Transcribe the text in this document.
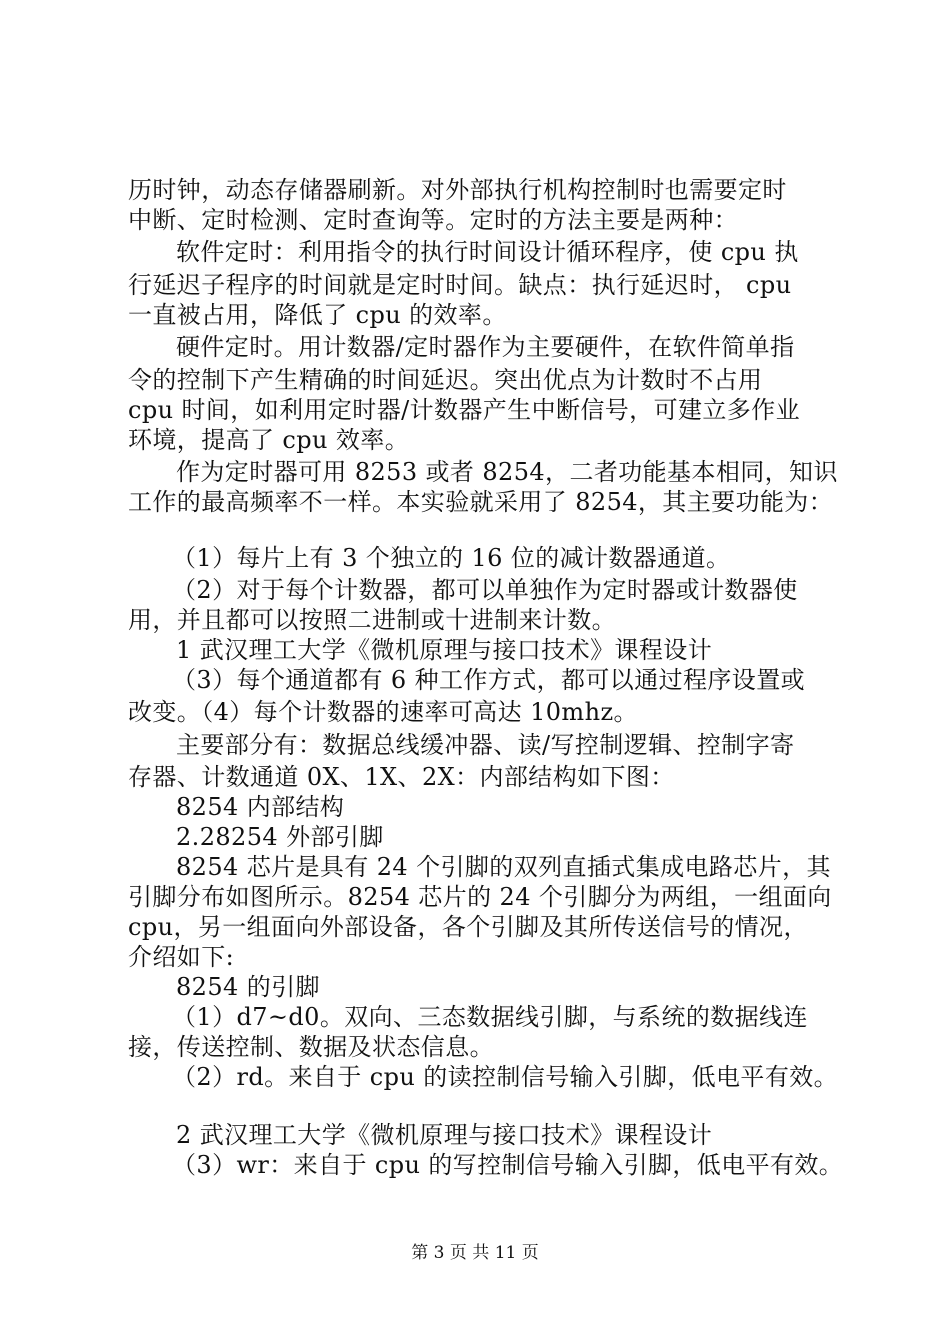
历时钟，动态存储器刷新。对外部执行机构控制时也需要定时
中断、定时检测、定时查询等。定时的方法主要是两种：
软件定时：利用指令的执行时间设计循环程序，使 cpu 执
行延迟子程序的时间就是定时时间。缺点：执行延迟时， cpu
一直被占用，降低了 cpu 的效率。
硬件定时。用计数器/定时器作为主要硬件，在软件简单指
令的控制下产生精确的时间延迟。突出优点为计数时不占用
cpu 时间，如利用定时器/计数器产生中断信号，可建立多作业
环境，提高了 cpu 效率。
作为定时器可用 8253 或者 8254，二者功能基本相同，知识
工作的最高频率不一样。本实验就采用了 8254，其主要功能为：
（1）每片上有 3 个独立的 16 位的减计数器通道。
（2）对于每个计数器，都可以单独作为定时器或计数器使
用，并且都可以按照二进制或十进制来计数。
1 武汉理工大学《微机原理与接口技术》课程设计
（3）每个通道都有 6 种工作方式，都可以通过程序设置或
改变。（4）每个计数器的速率可高达 10mhz。
主要部分有：数据总线缓冲器、读/写控制逻辑、控制字寄
存器、计数通道 0X、1X、2X：内部结构如下图：
8254 内部结构
2.28254 外部引脚
8254 芯片是具有 24 个引脚的双列直插式集成电路芯片，其
引脚分布如图所示。8254 芯片的 24 个引脚分为两组，一组面向
cpu，另一组面向外部设备，各个引脚及其所传送信号的情况，
介绍如下:
8254 的引脚
（1）d7~d0。双向、三态数据线引脚，与系统的数据线连
接，传送控制、数据及状态信息。
（2）rd。来自于 cpu 的读控制信号输入引脚，低电平有效。
2 武汉理工大学《微机原理与接口技术》课程设计
（3）wr：来自于 cpu 的写控制信号输入引脚，低电平有效。
第 3 页 共 11 页
